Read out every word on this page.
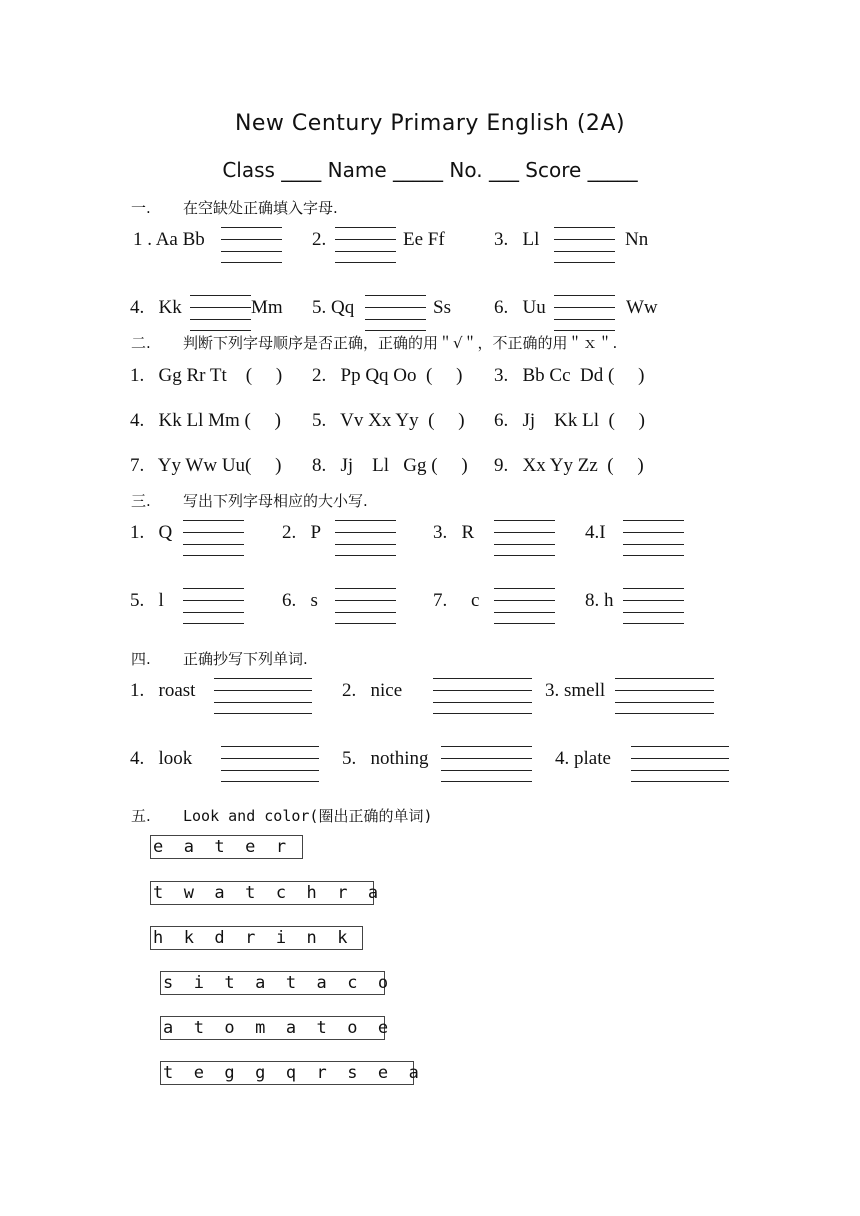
New Century Primary English (2A)
Class ____ Name _____ No. ___ Score _____
一. 在空缺处正确填入字母.
1 . Aa Bb	2.	Ee Ff	3.   Ll	Nn
4.   Kk	Mm 5. Qq	Ss 6.   Uu	Ww
二. 判断下列字母顺序是否正确，正确的用＂√＂，不正确的用＂ｘ＂.
1.   Gg Rr Tt    (     ) 2.   Pp Qq Oo  (     ) 3.   Bb Cc  Dd (     )
4.   Kk Ll Mm (     ) 5.   Vv Xx Yy  (     ) 6.   Jj    Kk Ll  (     )
7.   Yy Ww Uu(     ) 8.   Jj    Ll   Gg (     ) 9.   Xx Yy Zz  (     )
三. 写出下列字母相应的大小写.
1.   Q	2.   P	3.   R	4.I
5.   l	6.   s	7.     c	8. h
四. 正确抄写下列单词.
1.   roast	2.   nice	3. smell
4.   look	5.   nothing	4. plate
五. Look and color(圈出正确的单词)
e  a  t  e  r
t  w  a  t  c  h  r  a
h  k  d  r  i  n  k
s  i  t  a  t  a  c  o
a  t  o  m  a  t  o  e
t  e  g  g  q  r  s  e  a
